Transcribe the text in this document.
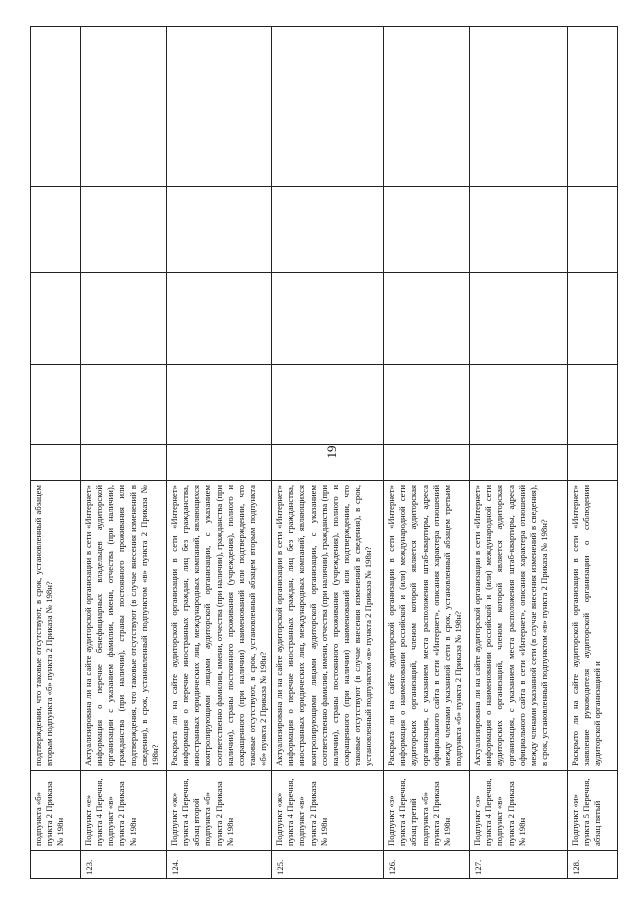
19
	подпункта «б» пункта 2 Приказа № 198н	подтверждении, что таковые отсутствуют, в срок, установленный абзацем вторым подпункта «б» пункта 2 Приказа № 198н?					
123.	Подпункт «е» пункта 4 Перечня, подпункт «в» пункта 2 Приказа № 198н	Актуализирована ли на сайте аудиторской организации в сети «Интернет» информация о перечне бенефициарных владельцев аудиторской организации с указанием фамилии, имени, отчества (при наличии), гражданства (при наличии), страны постоянного проживания или подтверждения, что таковые отсутствуют (в случае внесения изменений в сведения), в срок, установленный подпунктом «в» пункта 2 Приказа № 198н?					
124.	Подпункт «ж» пункта 4 Перечня, абзац второй подпункта «б» пункта 2 Приказа № 198н	Раскрыта ли на сайте аудиторской организации в сети «Интернет» информация о перечне иностранных граждан, лиц без гражданства, иностранных юридических лиц, международных компаний, являющихся контролирующими лицами аудиторской организации, с указанием соответственно фамилии, имени, отчества (при наличии), гражданства (при наличии), страны постоянного проживания (учреждения), полного и сокращенного (при наличии) наименований или подтверждении, что таковые отсутствуют, в срок, установленный абзацем вторым подпункта «б» пункта 2 Приказа № 198н?					
125.	Подпункт «ж» пункта 4 Перечня, подпункт «в» пункта 2 Приказа № 198н	Актуализирована ли на сайте аудиторской организации в сети «Интернет» информация о перечне иностранных граждан, лиц без гражданства, иностранных юридических лиц, международных компаний, являющихся контролирующими лицами аудиторской организации, с указанием соответственно фамилии, имени, отчества (при наличии), гражданства (при наличии), страны постоянного проживания (учреждения), полного и сокращенного (при наличии) наименований или подтверждении, что таковые отсутствуют (в случае внесения изменений в сведения), в срок, установленный подпунктом «в» пункта 2 Приказа № 198н?					
126.	Подпункт «з» пункта 4 Перечня, абзац третий подпункта «б» пункта 2 Приказа № 198н	Раскрыта ли на сайте аудиторской организации в сети «Интернет» информация о наименовании российской и (или) международной сети аудиторских организаций, членом которой является аудиторская организация, с указанием места расположения штаб-квартиры, адреса официального сайта в сети «Интернет», описания характера отношений между членами указанной сети в срок, установленный абзацем третьим подпункта «б» пункта 2 Приказа № 198н?					
127.	Подпункт «з» пункта 4 Перечня, подпункт «в» пункта 2 Приказа № 198н	Актуализирована ли на сайте аудиторской организации в сети «Интернет» информация о наименовании российской и (или) международной сети аудиторских организаций, членом которой является аудиторская организация, с указанием места расположения штаб-квартиры, адреса официального сайта в сети «Интернет», описания характера отношений между членами указанной сети (в случае внесения изменений в сведения), в срок, установленный подпунктом «в» пункта 2 Приказа № 198н?					
128.	Подпункт «и» пункта 5 Перечня, абзац пятый	Раскрыто ли на сайте аудиторской организации в сети «Интернет» заявление руководителя аудиторской организации о соблюдении аудиторской организацией и					
